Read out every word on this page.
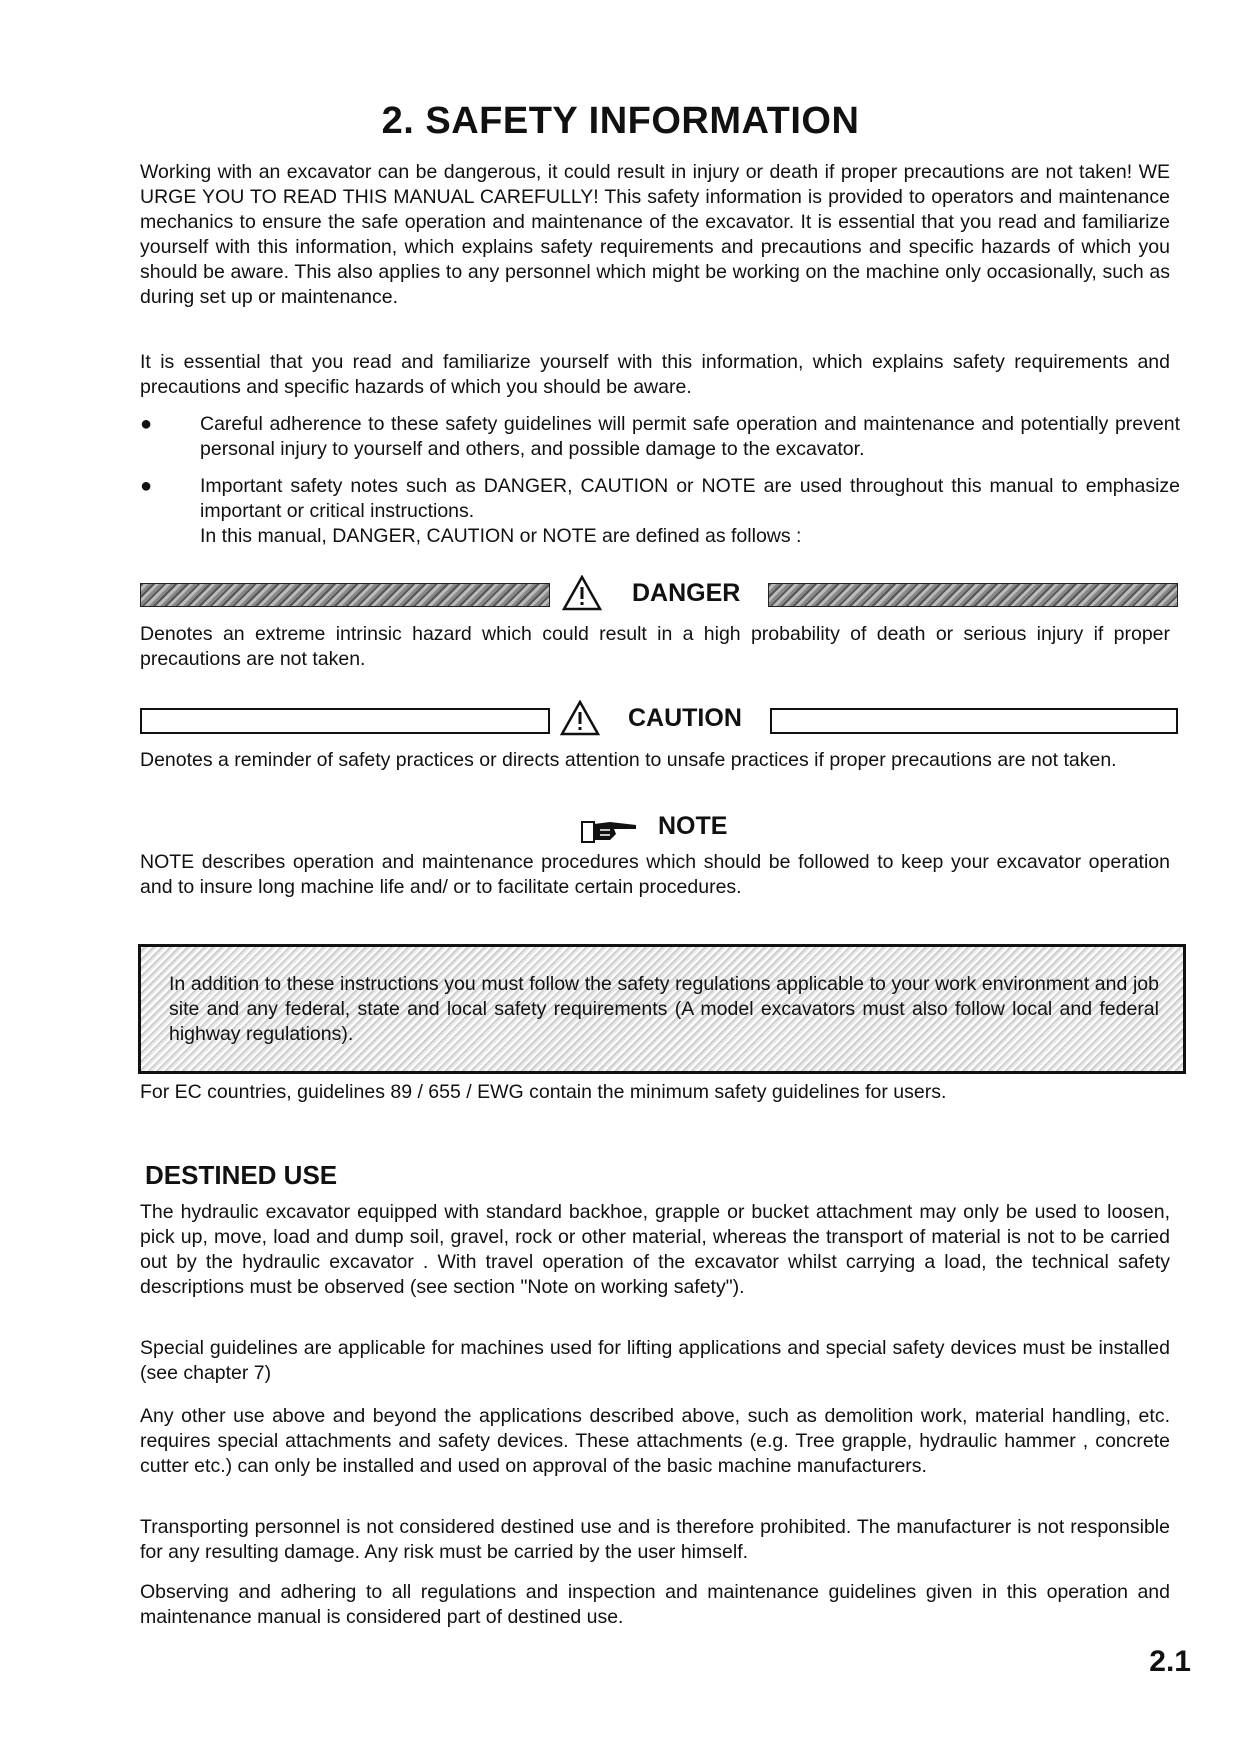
2. SAFETY INFORMATION

Working with an excavator can be dangerous, it could result in injury or death if proper precautions are not taken! WE URGE YOU TO READ THIS MANUAL CAREFULLY! This safety information is provided to operators and maintenance mechanics to ensure the safe operation and maintenance of the excavator. It is essential that you read and familiarize yourself with this information, which explains safety requirements and precautions and specific hazards of which you should be aware. This also applies to any personnel which might be working on the machine only occasionally, such as during set up or maintenance.

It is essential that you read and familiarize yourself with this information, which explains safety requirements and precautions and specific hazards of which you should be aware.

● Careful adherence to these safety guidelines will permit safe operation and maintenance and potentially prevent personal injury to yourself and others, and possible damage to the excavator.
● Important safety notes such as DANGER, CAUTION or NOTE are used throughout this manual to emphasize important or critical instructions.
In this manual, DANGER, CAUTION or NOTE are defined as follows :
DANGER

Denotes an extreme intrinsic hazard which could result in a high probability of death or serious injury if proper precautions are not taken.

CAUTION

Denotes a reminder of safety practices or directs attention to unsafe practices if proper precautions are not taken.

NOTE

NOTE describes operation and maintenance procedures which should be followed to keep your excavator operation and to insure long machine life and/ or to facilitate certain procedures.

In addition to these instructions you must follow the safety regulations applicable to your work environment and job site and any federal, state and local safety requirements (A model excavators must also follow local and federal highway regulations).

For EC countries, guidelines 89 / 655 / EWG contain the minimum safety guidelines for users.

DESTINED USE

The hydraulic excavator equipped with standard backhoe, grapple or bucket attachment may only be used to loosen, pick up, move, load and dump soil, gravel, rock or other material, whereas the transport of material is not to be carried out by the hydraulic excavator . With travel operation of the excavator whilst carrying a load, the technical safety descriptions must be observed (see section "Note on working safety").

Special guidelines are applicable for machines used for lifting applications and special safety devices must be installed (see chapter 7)

Any other use above and beyond the applications described above, such as demolition work, material handling, etc. requires special attachments and safety devices. These attachments (e.g. Tree grapple, hydraulic hammer , concrete cutter etc.) can only be installed and used on approval of the basic machine manufacturers.

Transporting personnel is not considered destined use and is therefore prohibited. The manufacturer is not responsible for any resulting damage. Any risk must be carried by the user himself.

Observing and adhering to all regulations and inspection and maintenance guidelines given in this operation and maintenance manual is considered part of destined use.

2.1
